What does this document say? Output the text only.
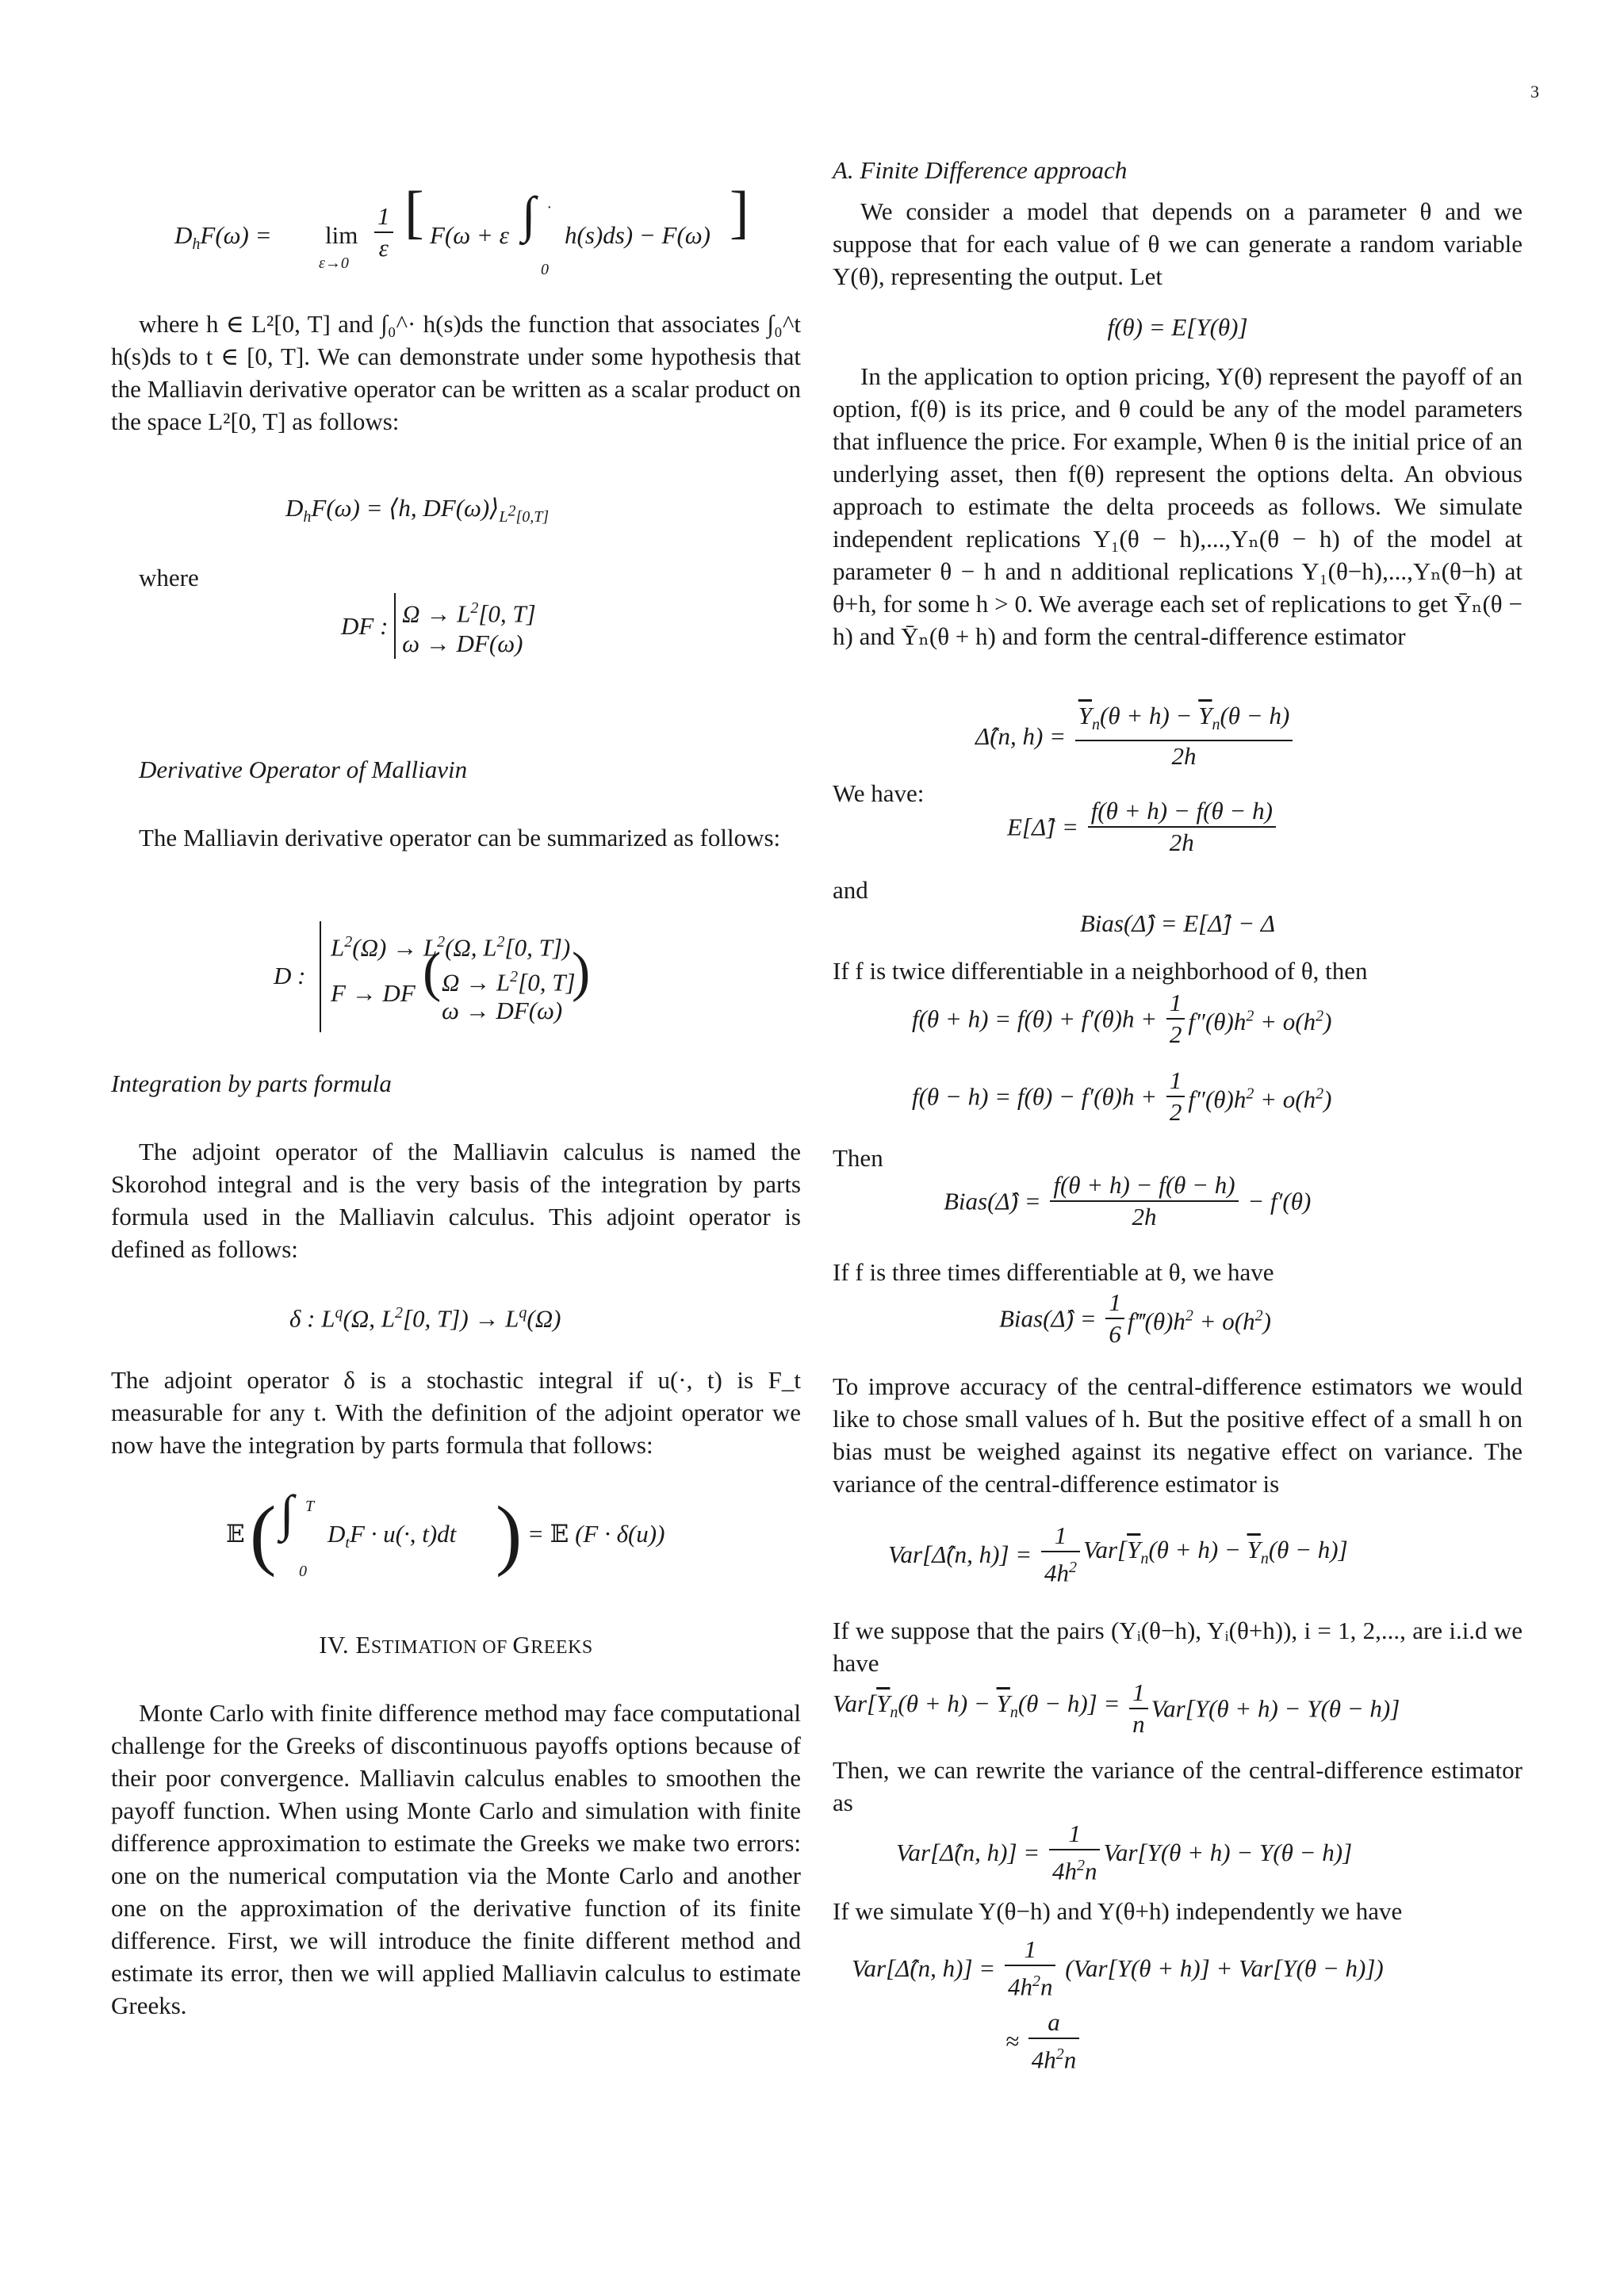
3
$D_hF(\omega) = \lim$
$\varepsilon\to 0 \frac{1}{\varepsilon}$ [ F(ω + ε ∫ ·
0
h(s)ds) − F(ω) ]

where h ∈ L²[0, T] and ∫₀^· h(s)ds the function that associates ∫₀^t h(s)ds to t ∈ [0, T]. We can demonstrate under some hypothesis that the Malliavin derivative operator can be written as a scalar product on the space L²[0, T] as follows:

$D_hF(\omega)$ = ⟨h, $DF(\omega)⟩_{L^2[0,T]}$
where
DF : $\Omega \to L^2[0$, T]
ω → DF(ω)
Derivative Operator of Malliavin

The Malliavin derivative operator can be summarized as follows:

D :
$L^2(\Omega) \to L^2(\Omega$, $L^2[0$, T])
F → DF ( $\Omega \to L^2[0$, T]
ω → DF(ω)
)
Integration by parts formula

The adjoint operator of the Malliavin calculus is named the Skorohod integral and is the very basis of the integration by parts formula used in the Malliavin calculus. This adjoint operator is defined as follows:

δ : $L^q(\Omega$, $L^2[0$, $T]) \to L^q(\Omega)$

The adjoint operator δ is a stochastic integral if u(·, t) is F_t measurable for any t. With the definition of the adjoint operator we now have the integration by parts formula that follows:

𝔼 ( ∫ T
0
$D_tF \cdot u(\cdot$, t)dt ) = 𝔼 (F · δ(u))
IV. ESTIMATION OF GREEKS

Monte Carlo with finite difference method may face computational challenge for the Greeks of discontinuous payoffs options because of their poor convergence. Malliavin calculus enables to smoothen the payoff function. When using Monte Carlo and simulation with finite difference approximation to estimate the Greeks we make two errors: one on the numerical computation via the Monte Carlo and another one on the approximation of the derivative function of its finite difference. First, we will introduce the finite different method and estimate its error, then we will applied Malliavin calculus to estimate Greeks.

A. Finite Difference approach

We consider a model that depends on a parameter θ and we suppose that for each value of θ we can generate a random variable Y(θ), representing the output. Let

f(θ) = E[Y(θ)]

In the application to option pricing, Y(θ) represent the payoff of an option, f(θ) is its price, and θ could be any of the model parameters that influence the price. For example, When θ is the initial price of an underlying asset, then f(θ) represent the options delta. An obvious approach to estimate the delta proceeds as follows. We simulate independent replications Y₁(θ − h),...,Yₙ(θ − h) of the model at parameter θ − h and n additional replications Y₁(θ−h),...,Yₙ(θ−h) at θ+h, for some h > 0. We average each set of replications to get Ȳₙ(θ − h) and Ȳₙ(θ + h) and form the central-difference estimator

Δ̂(n, $h) = \frac{\overline{Y}_n(\theta + h) - \overline{Y}_n(\theta - h)}{2h}$
We have:
E[Δ̂] = $\frac{f(\theta + h) - f(\theta - h)}{2h}$
and
Bias(Δ̂) = E[Δ̂] − Δ

If f is twice differentiable in a neighborhood of θ, then

$f(\theta + h) = f(\theta) + f'(\theta)h + \frac{1}{2} f''(\theta)h^2 + o(h^2)$
$f(\theta - h) = f(\theta) - f'(\theta)h + \frac{1}{2} f''(\theta)h^2 + o(h^2)$
Then
Bias(Δ̂) = $\frac{f(\theta + h) - f(\theta - h)}{2h} - f'(\theta)$

If f is three times differentiable at θ, we have

Bias(Δ̂) = $\frac{1}{6}$ $f‴(\theta)h^2 + o(h^2)$

To improve accuracy of the central-difference estimators we would like to chose small values of h. But the positive effect of a small h on bias must be weighed against its negative effect on variance. The variance of the central-difference estimator is

Var[Δ̂(n, $h)] = \frac{1}{4h^2} Var[\overline{Y}_n(\theta + h) - \overline{Y}_n(\theta - h)]$

If we suppose that the pairs (Yᵢ(θ−h), Yᵢ(θ+h)), i = 1, 2,..., are i.i.d we have

$Var[\overline{Y}_n(\theta + h) - \overline{Y}_n(\theta - h)] = \frac{1}{n} Var[Y(\theta + h) - Y(\theta - h)]$

Then, we can rewrite the variance of the central-difference estimator as

Var[Δ̂(n, $h)] = \frac{1}{4h^2n} Var[Y(\theta + h) - Y(\theta - h)]$

If we simulate Y(θ−h) and Y(θ+h) independently we have

Var[Δ̂(n, $h)] = \frac{1}{4h^2n} (Var[Y(\theta + h)] + Var[Y(\theta - h)])$
≈ $\frac{a}{4h^2n}$
